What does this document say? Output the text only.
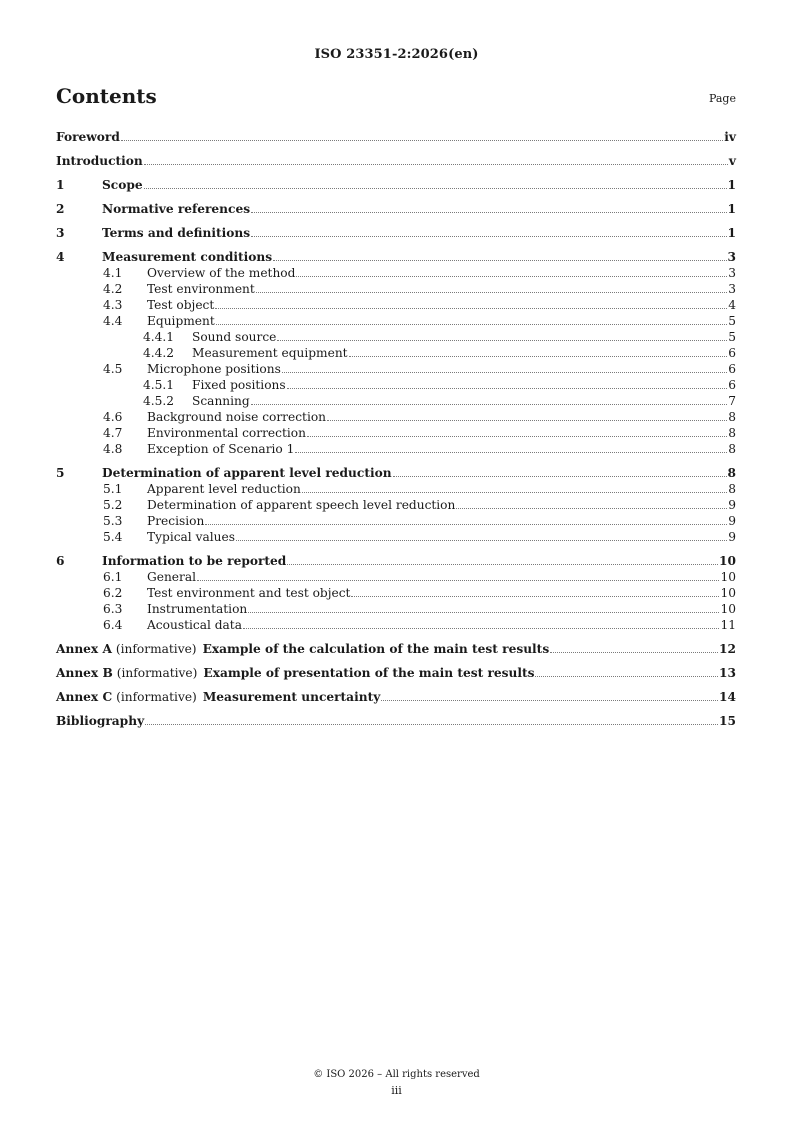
ISO 23351-2:2026(en)
Contents	Page
Foreword	iv
Introduction	v
1	Scope	1
2	Normative references	1
3	Terms and definitions	1
4	Measurement conditions	3
4.1	Overview of the method	3
4.2	Test environment	3
4.3	Test object	4
4.4	Equipment	5
4.4.1	Sound source	5
4.4.2	Measurement equipment	6
4.5	Microphone positions	6
4.5.1	Fixed positions	6
4.5.2	Scanning	7
4.6	Background noise correction	8
4.7	Environmental correction	8
4.8	Exception of Scenario 1	8
5	Determination of apparent level reduction	8
5.1	Apparent level reduction	8
5.2	Determination of apparent speech level reduction	9
5.3	Precision	9
5.4	Typical values	9
6	Information to be reported	10
6.1	General	10
6.2	Test environment and test object	10
6.3	Instrumentation	10
6.4	Acoustical data	11
Annex A (informative) Example of the calculation of the main test results	12
Annex B (informative) Example of presentation of the main test results	13
Annex C (informative) Measurement uncertainty	14
Bibliography	15
© ISO 2026 – All rights reserved
iii
